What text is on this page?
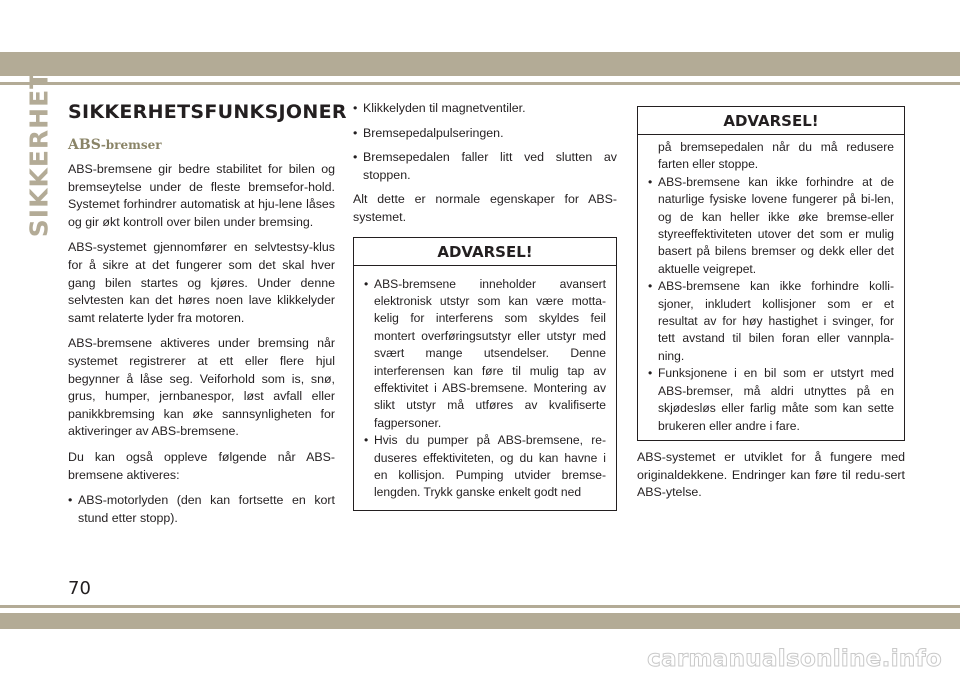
SIKKERHET SIKKERHETSFUNKSJONER
ABS-bremser

ABS-bremsene gir bedre stabilitet for bilen og bremseytelse under de fleste bremsefor-hold. Systemet forhindrer automatisk at hju-lene låses og gir økt kontroll over bilen under bremsing.

ABS-systemet gjennomfører en selvtestsy-klus for å sikre at det fungerer som det skal hver gang bilen startes og kjøres. Under denne selvtesten kan det høres noen lave klikkelyder samt relaterte lyder fra motoren.

ABS-bremsene aktiveres under bremsing når systemet registrerer at ett eller flere hjul begynner å låse seg. Veiforhold som is, snø, grus, humper, jernbanespor, løst avfall eller panikkbremsing kan øke sannsynligheten for aktiveringer av ABS-bremsene.

Du kan også oppleve følgende når ABS-bremsene aktiveres:

• ABS-motorlyden (den kan fortsette en kort stund etter stopp).
• Klikkelyden til magnetventiler.
• Bremsepedalpulseringen.
• Bremsepedalen faller litt ved slutten av stoppen.

Alt dette er normale egenskaper for ABS-systemet.

ADVARSEL!
• ABS-bremsene inneholder avansert elektronisk utstyr som kan være motta-kelig for interferens som skyldes feil montert overføringsutstyr eller utstyr med svært mange utsendelser. Denne interferensen kan føre til mulig tap av effektivitet i ABS-bremsene. Montering av slikt utstyr må utføres av kvalifiserte fagpersoner.
• Hvis du pumper på ABS-bremsene, re-duseres effektiviteten, og du kan havne i en kollisjon. Pumping utvider bremse-lengden. Trykk ganske enkelt godt ned
ADVARSEL!
på bremsepedalen når du må redusere farten eller stoppe.
• ABS-bremsene kan ikke forhindre at de naturlige fysiske lovene fungerer på bi-len, og de kan heller ikke øke bremse-eller styreeffektiviteten utover det som er mulig basert på bilens bremser og dekk eller det aktuelle veigrepet.
• ABS-bremsene kan ikke forhindre kolli-sjoner, inkludert kollisjoner som er et resultat av for høy hastighet i svinger, for tett avstand til bilen foran eller vannpla-ning.
• Funksjonene i en bil som er utstyrt med ABS-bremser, må aldri utnyttes på en skjødesløs eller farlig måte som kan sette brukeren eller andre i fare.

ABS-systemet er utviklet for å fungere med originaldekkene. Endringer kan føre til redu-sert ABS-ytelse.

70
carmanualsonline.info
